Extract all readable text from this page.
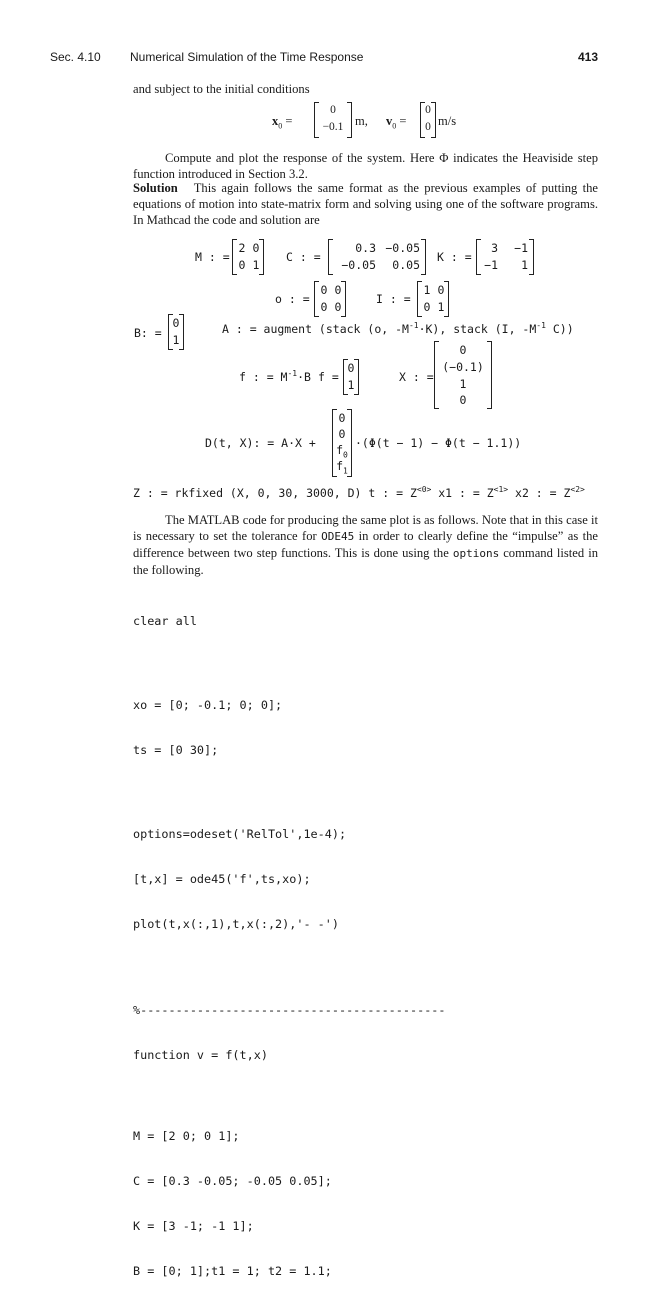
Sec. 4.10 Numerical Simulation of the Time Response	413
and subject to the initial conditions
$x_0$ =
0
−0.1 m, $v_0$ =
0
0 m/s
Compute and plot the response of the system. Here Φ indicates the Heaviside step function introduced in Section 3.2.
Solution This again follows the same format as the previous examples of putting the equations of motion into state-matrix form and solving using one of the software programs. In Mathcad the code and solution are
M : =
2 0
0 1
C : =
0.3 −0.05
−0.05	0.05
K : =
3	−1
−1	1
o : =
0 0
0 0
I : =
1 0
0 1
B: =
0
1
A : = augment (stack (o, $-M^{-1}\cdot K$), stack (I, $-M^{-1}$ C))
f : = $M^{-1}\cdot B$ f =
0
1
X : =
0
(−0.1)
1
0
D(t, X): = A·X +
0
0
$f_0$
$f_1$
·(Φ(t − 1) − Φ(t − 1.1))
Z : = rkfixed (X, 0, 30, 3000, D) t : = $Z^{<0>}$ x1 : = $Z^{<1>}$ x2 : = $Z^{<2>}$
The MATLAB code for producing the same plot is as follows. Note that in this case it is necessary to set the tolerance for ODE45 in order to clearly define the “impulse” as the difference between two step functions. This is done using the options command listed in the following.

clear all

xo = [0; -0.1; 0; 0];

ts = [0 30];

options=odeset('RelTol',1e-4);

[t,x] = ode45('f',ts,xo);

plot(t,x(:,1),t,x(:,2),'- -')

%-------------------------------------------

function v = f(t,x)

M = [2 0; 0 1];

C = [0.3 -0.05; -0.05 0.05];

K = [3 -1; -1 1];

B = [0; 1];t1 = 1; t2 = 1.1;
